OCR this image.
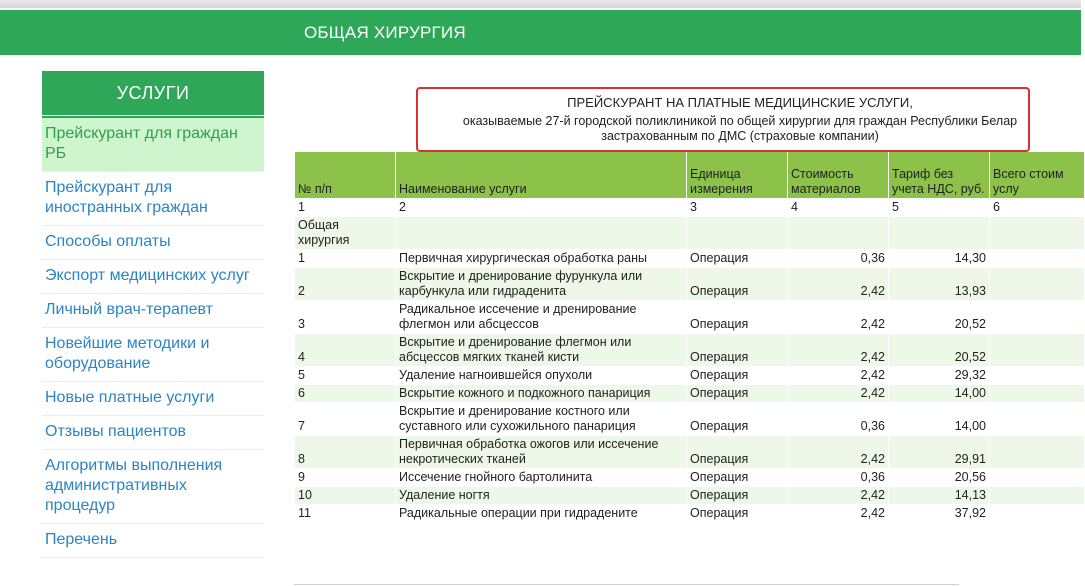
ОБЩАЯ ХИРУРГИЯ
УСЛУГИ
Прейскурант для граждан РБ
Прейскурант для иностранных граждан
Способы оплаты
Экспорт медицинских услуг
Личный врач-терапевт
Новейшие методики и оборудование
Новые платные услуги
Отзывы пациентов
Алгоритмы выполнения административных процедур
Перечень

	ПРЕЙСКУРАНТ НА ПЛАТНЫЕ МЕДИЦИНСКИЕ УСЛУГИ,
оказываемые 27-й городской поликлиникой по общей хирургии для граждан Республики Белар
застрахованным по ДМС (страховые компании)				

№ п/п	Наименование услуги	Единица измерения	Стоимость материалов	Тариф без учета НДС, руб.	Всего стоим услу
1	2	3	4	5	6
Общая хирургия					
1	Первичная хирургическая обработка раны	Операция	0,36	14,30	
2	Вскрытие и дренирование фурункула или карбункула или гидраденита	Операция	2,42	13,93	
3	Радикальное иссечение и дренирование флегмон или абсцессов	Операция	2,42	20,52	
4	Вскрытие и дренирование флегмон или абсцессов мягких тканей кисти	Операция	2,42	20,52	
5	Удаление нагноившейся опухоли	Операция	2,42	29,32	
6	Вскрытие кожного и подкожного панариция	Операция	2,42	14,00	
7	Вскрытие и дренирование костного или суставного или сухожильного панариция	Операция	0,36	14,00	
8	Первичная обработка ожогов или иссечение некротических тканей	Операция	2,42	29,91	
9	Иссечение гнойного бартолинита	Операция	0,36	20,56	
10	Удаление ногтя	Операция	2,42	14,13	
11	Радикальные операции при гидрадените	Операция	2,42	37,92	
